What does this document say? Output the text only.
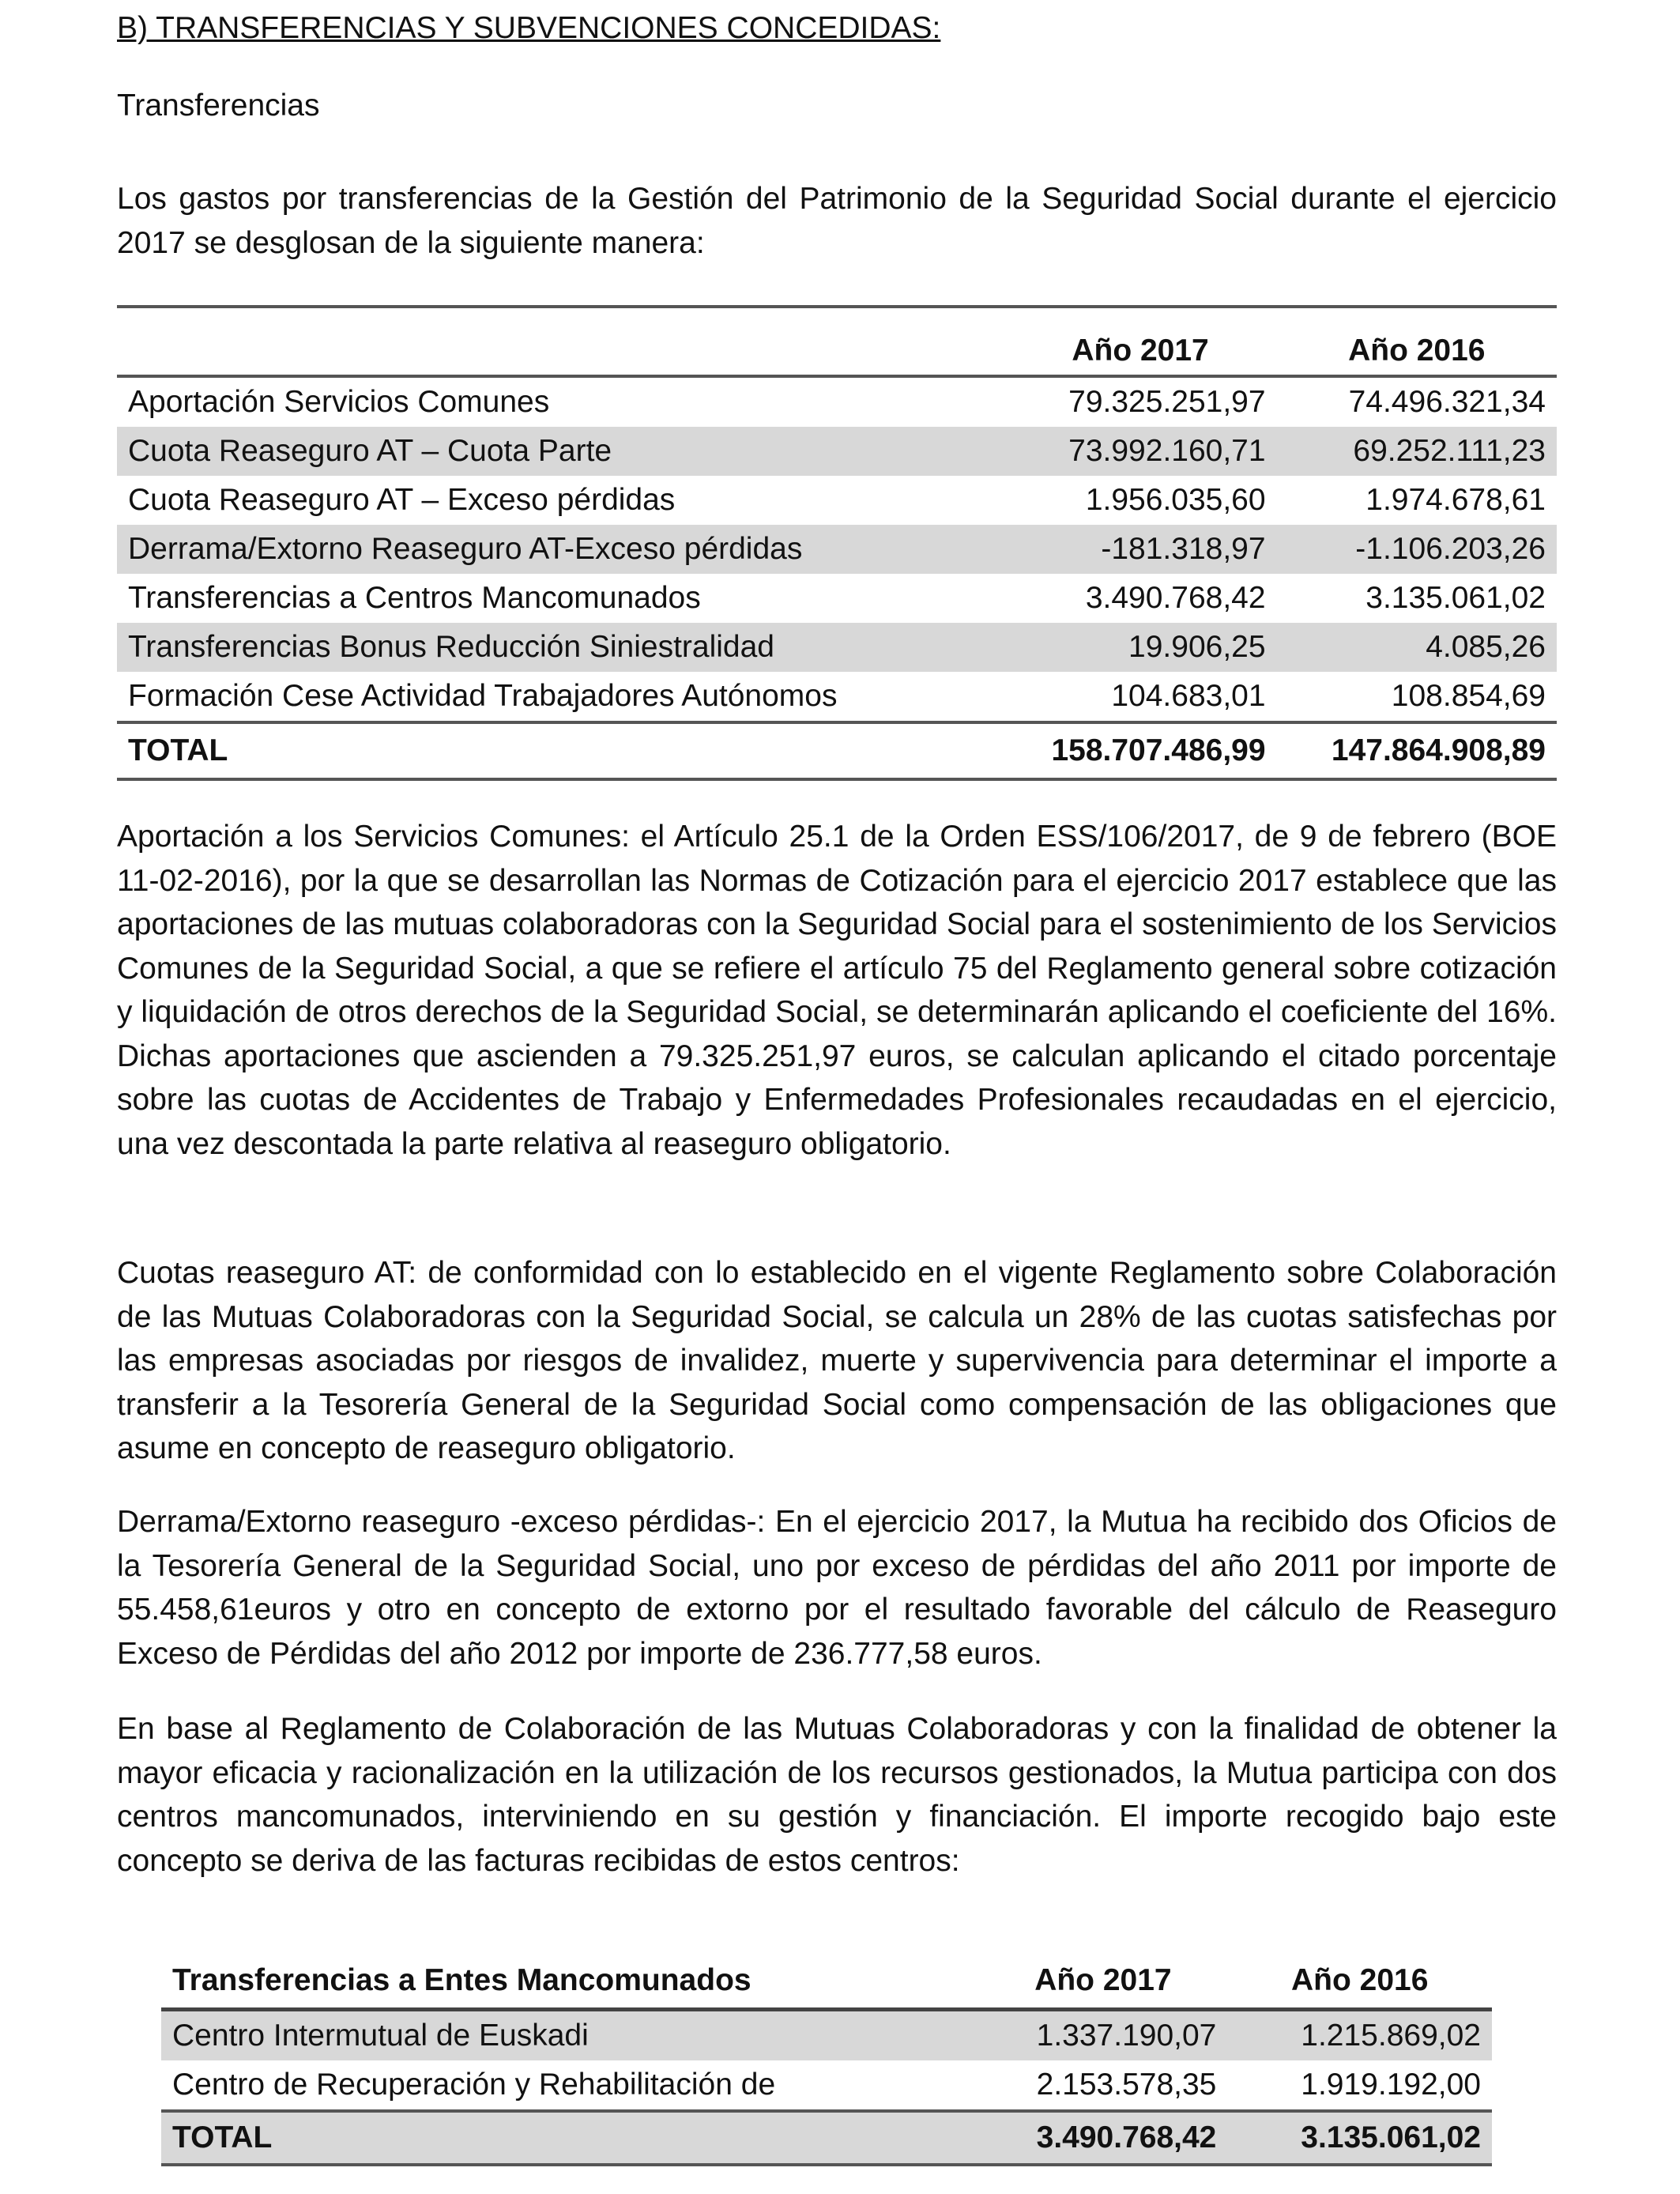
B) TRANSFERENCIAS Y SUBVENCIONES CONCEDIDAS:
Transferencias

Los gastos por transferencias de la Gestión del Patrimonio de la Seguridad Social durante el ejercicio 2017 se desglosan de la siguiente manera:

	Año 2017	Año 2016
Aportación Servicios Comunes	79.325.251,97	74.496.321,34
Cuota Reaseguro AT – Cuota Parte	73.992.160,71	69.252.111,23
Cuota Reaseguro AT – Exceso pérdidas	1.956.035,60	1.974.678,61
Derrama/Extorno Reaseguro AT-Exceso pérdidas	-181.318,97	-1.106.203,26
Transferencias a Centros Mancomunados	3.490.768,42	3.135.061,02
Transferencias Bonus Reducción Siniestralidad	19.906,25	4.085,26
Formación Cese Actividad Trabajadores Autónomos	104.683,01	108.854,69
TOTAL	158.707.486,99	147.864.908,89

Aportación a los Servicios Comunes: el Artículo 25.1 de la Orden ESS/106/2017, de 9 de febrero (BOE 11-02-2016), por la que se desarrollan las Normas de Cotización para el ejercicio 2017 establece que las aportaciones de las mutuas colaboradoras con la Seguridad Social para el sostenimiento de los Servicios Comunes de la Seguridad Social, a que se refiere el artículo 75 del Reglamento general sobre cotización y liquidación de otros derechos de la Seguridad Social, se determinarán aplicando el coeficiente del 16%. Dichas aportaciones que ascienden a 79.325.251,97 euros, se calculan aplicando el citado porcentaje sobre las cuotas de Accidentes de Trabajo y Enfermedades Profesionales recaudadas en el ejercicio, una vez descontada la parte relativa al reaseguro obligatorio.

Cuotas reaseguro AT: de conformidad con lo establecido en el vigente Reglamento sobre Colaboración de las Mutuas Colaboradoras con la Seguridad Social, se calcula un 28% de las cuotas satisfechas por las empresas asociadas por riesgos de invalidez, muerte y supervivencia para determinar el importe a transferir a la Tesorería General de la Seguridad Social como compensación de las obligaciones que asume en concepto de reaseguro obligatorio.

Derrama/Extorno reaseguro -exceso pérdidas-: En el ejercicio 2017, la Mutua ha recibido dos Oficios de la Tesorería General de la Seguridad Social, uno por exceso de pérdidas del año 2011 por importe de 55.458,61euros y otro en concepto de extorno por el resultado favorable del cálculo de Reaseguro Exceso de Pérdidas del año 2012 por importe de 236.777,58 euros.

En base al Reglamento de Colaboración de las Mutuas Colaboradoras y con la finalidad de obtener la mayor eficacia y racionalización en la utilización de los recursos gestionados, la Mutua participa con dos centros mancomunados, interviniendo en su gestión y financiación. El importe recogido bajo este concepto se deriva de las facturas recibidas de estos centros:

Transferencias a Entes Mancomunados	Año 2017	Año 2016
Centro Intermutual de Euskadi	1.337.190,07	1.215.869,02
Centro de Recuperación y Rehabilitación de	2.153.578,35	1.919.192,00
TOTAL	3.490.768,42	3.135.061,02
